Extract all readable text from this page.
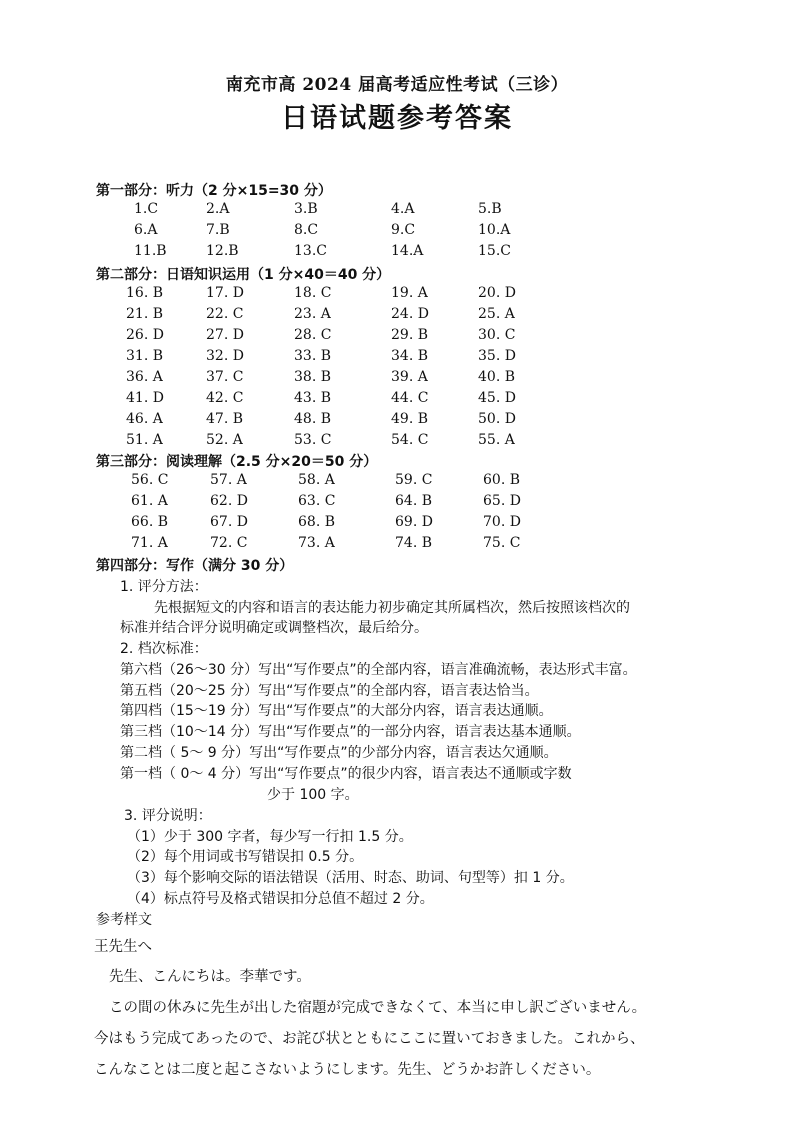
南充市高 2024 届高考适应性考试（三诊）
日语试题参考答案
第一部分：听力（2 分×15=30 分）
1.C	2.A	3.B	4.A	5.B
6.A	7.B	8.C	9.C	10.A
11.B	12.B	13.C	14.A	15.C
第二部分：日语知识运用（1 分×40＝40 分）
16. B	17. D	18. C	19. A	20. D
21. B	22. C	23. A	24. D	25. A
26. D	27. D	28. C	29. B	30. C
31. B	32. D	33. B	34. B	35. D
36. A	37. C	38. B	39. A	40. B
41. D	42. C	43. B	44. C	45. D
46. A	47. B	48. B	49. B	50. D
51. A	52. A	53. C	54. C	55. A
第三部分：阅读理解（2.5 分×20＝50 分）
56. C	57. A	58. A	59. C	60. B
61. A	62. D	63. C	64. B	65. D
66. B	67. D	68. B	69. D	70. D
71. A	72. C	73. A	74. B	75. C
第四部分：写作（满分 30 分）
1. 评分方法：
先根据短文的内容和语言的表达能力初步确定其所属档次，然后按照该档次的
标准并结合评分说明确定或调整档次，最后给分。
2. 档次标准：
第六档（26～30 分）写出“写作要点”的全部内容，语言准确流畅，表达形式丰富。
第五档（20～25 分）写出“写作要点”的全部内容，语言表达恰当。
第四档（15～19 分）写出“写作要点”的大部分内容，语言表达通顺。
第三档（10～14 分）写出“写作要点”的一部分内容，语言表达基本通顺。
第二档（ 5～ 9 分）写出“写作要点”的少部分内容，语言表达欠通顺。
第一档（ 0～ 4 分）写出“写作要点”的很少内容，语言表达不通顺或字数
少于 100 字。
3. 评分说明：
（1）少于 300 字者，每少写一行扣 1.5 分。
（2）每个用词或书写错误扣 0.5 分。
（3）每个影响交际的语法错误（活用、时态、助词、句型等）扣 1 分。
（4）标点符号及格式错误扣分总值不超过 2 分。
参考样文
王先生へ
先生、こんにちは。李華です。
この間の休みに先生が出した宿題が完成できなくて、本当に申し訳ございません。
今はもう完成てあったので、お詫び状とともにここに置いておきました。これから、
こんなことは二度と起こさないようにします。先生、どうかお許しください。
